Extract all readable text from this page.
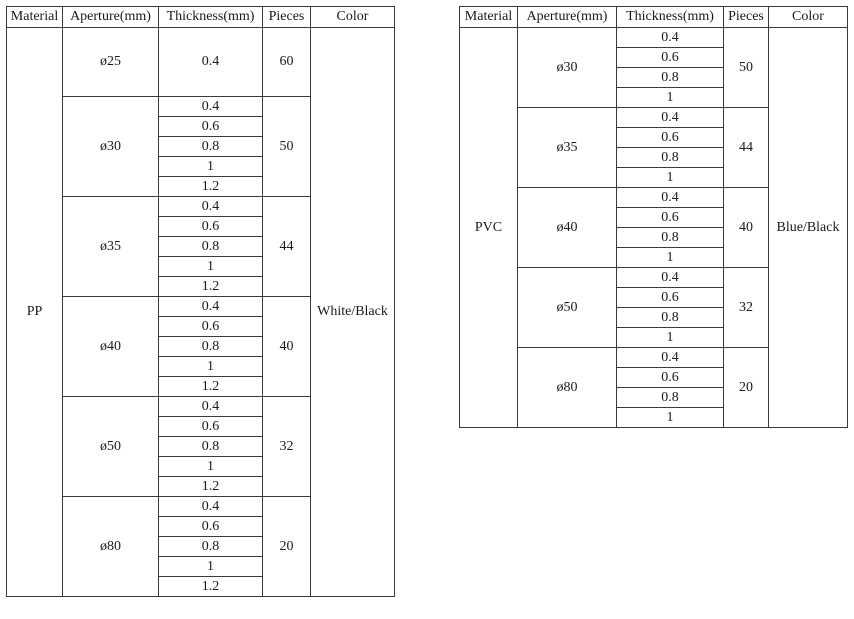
Material	Aperture(mm)	Thickness(mm)	Pieces	Color
PP	ø25	0.4	60	White/Black
	ø30	0.4	50	
		0.6		
		0.8		
		1		
		1.2		
	ø35	0.4	44	
		0.6		
		0.8		
		1		
		1.2		
	ø40	0.4	40	
		0.6		
		0.8		
		1		
		1.2		
	ø50	0.4	32	
		0.6		
		0.8		
		1		
		1.2		
	ø80	0.4	20	
		0.6		
		0.8		
		1		
		1.2		
Material	Aperture(mm)	Thickness(mm)	Pieces	Color
PVC	ø30	0.4	50	Blue/Black
		0.6		
		0.8		
		1		
	ø35	0.4	44	
		0.6		
		0.8		
		1		
	ø40	0.4	40	
		0.6		
		0.8		
		1		
	ø50	0.4	32	
		0.6		
		0.8		
		1		
	ø80	0.4	20	
		0.6		
		0.8		
		1		
